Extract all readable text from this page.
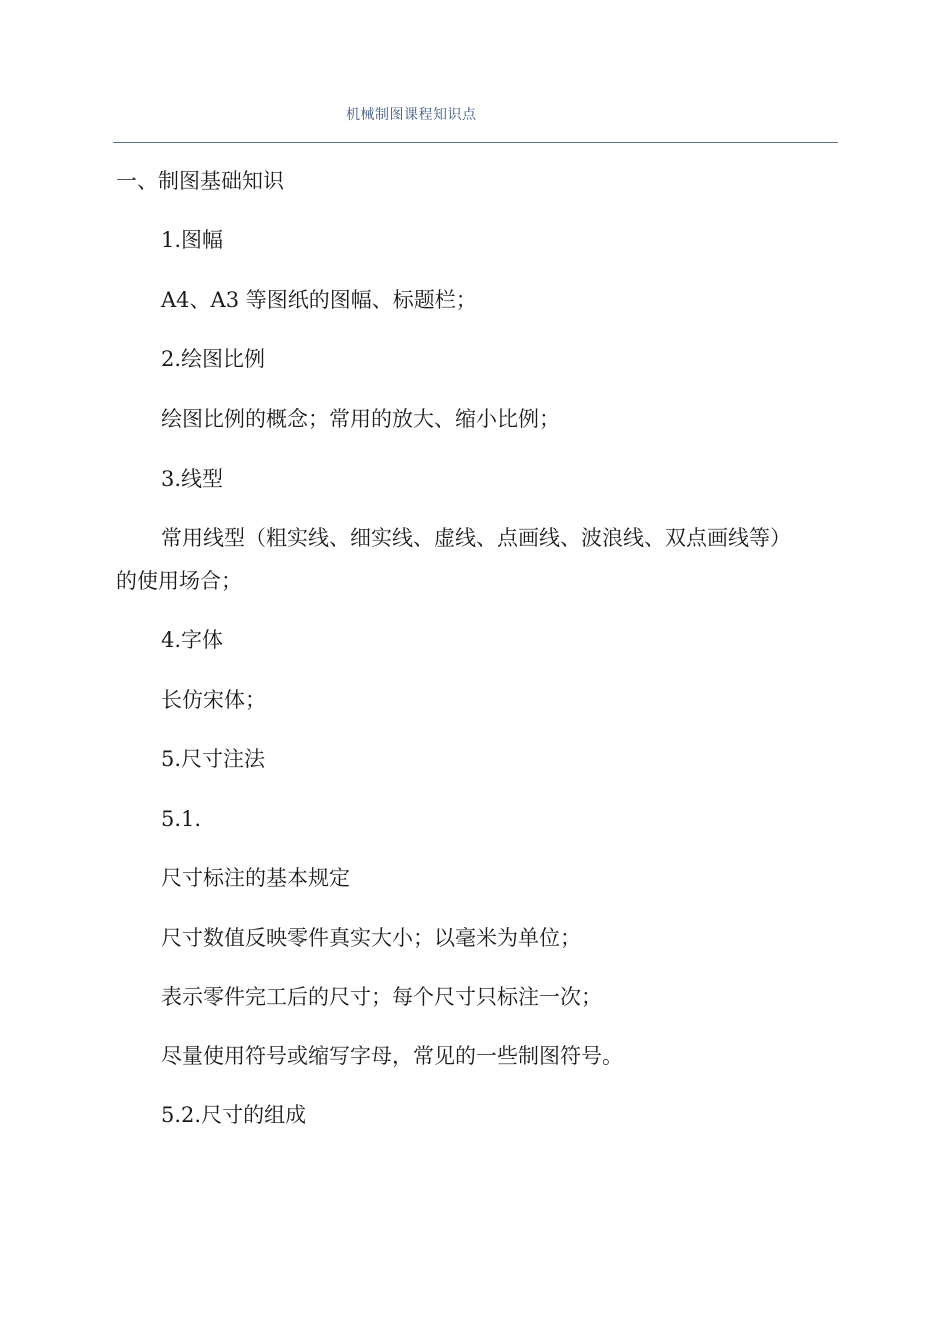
机械制图课程知识点
一、制图基础知识
1.图幅
A4、A3 等图纸的图幅、标题栏；
2.绘图比例
绘图比例的概念；常用的放大、缩小比例；
3.线型
常用线型（粗实线、细实线、虚线、点画线、波浪线、双点画线等）
的使用场合；
4.字体
长仿宋体；
5.尺寸注法
5.1.
尺寸标注的基本规定
尺寸数值反映零件真实大小；以毫米为单位；
表示零件完工后的尺寸；每个尺寸只标注一次；
尽量使用符号或缩写字母，常见的一些制图符号。
5.2.尺寸的组成
